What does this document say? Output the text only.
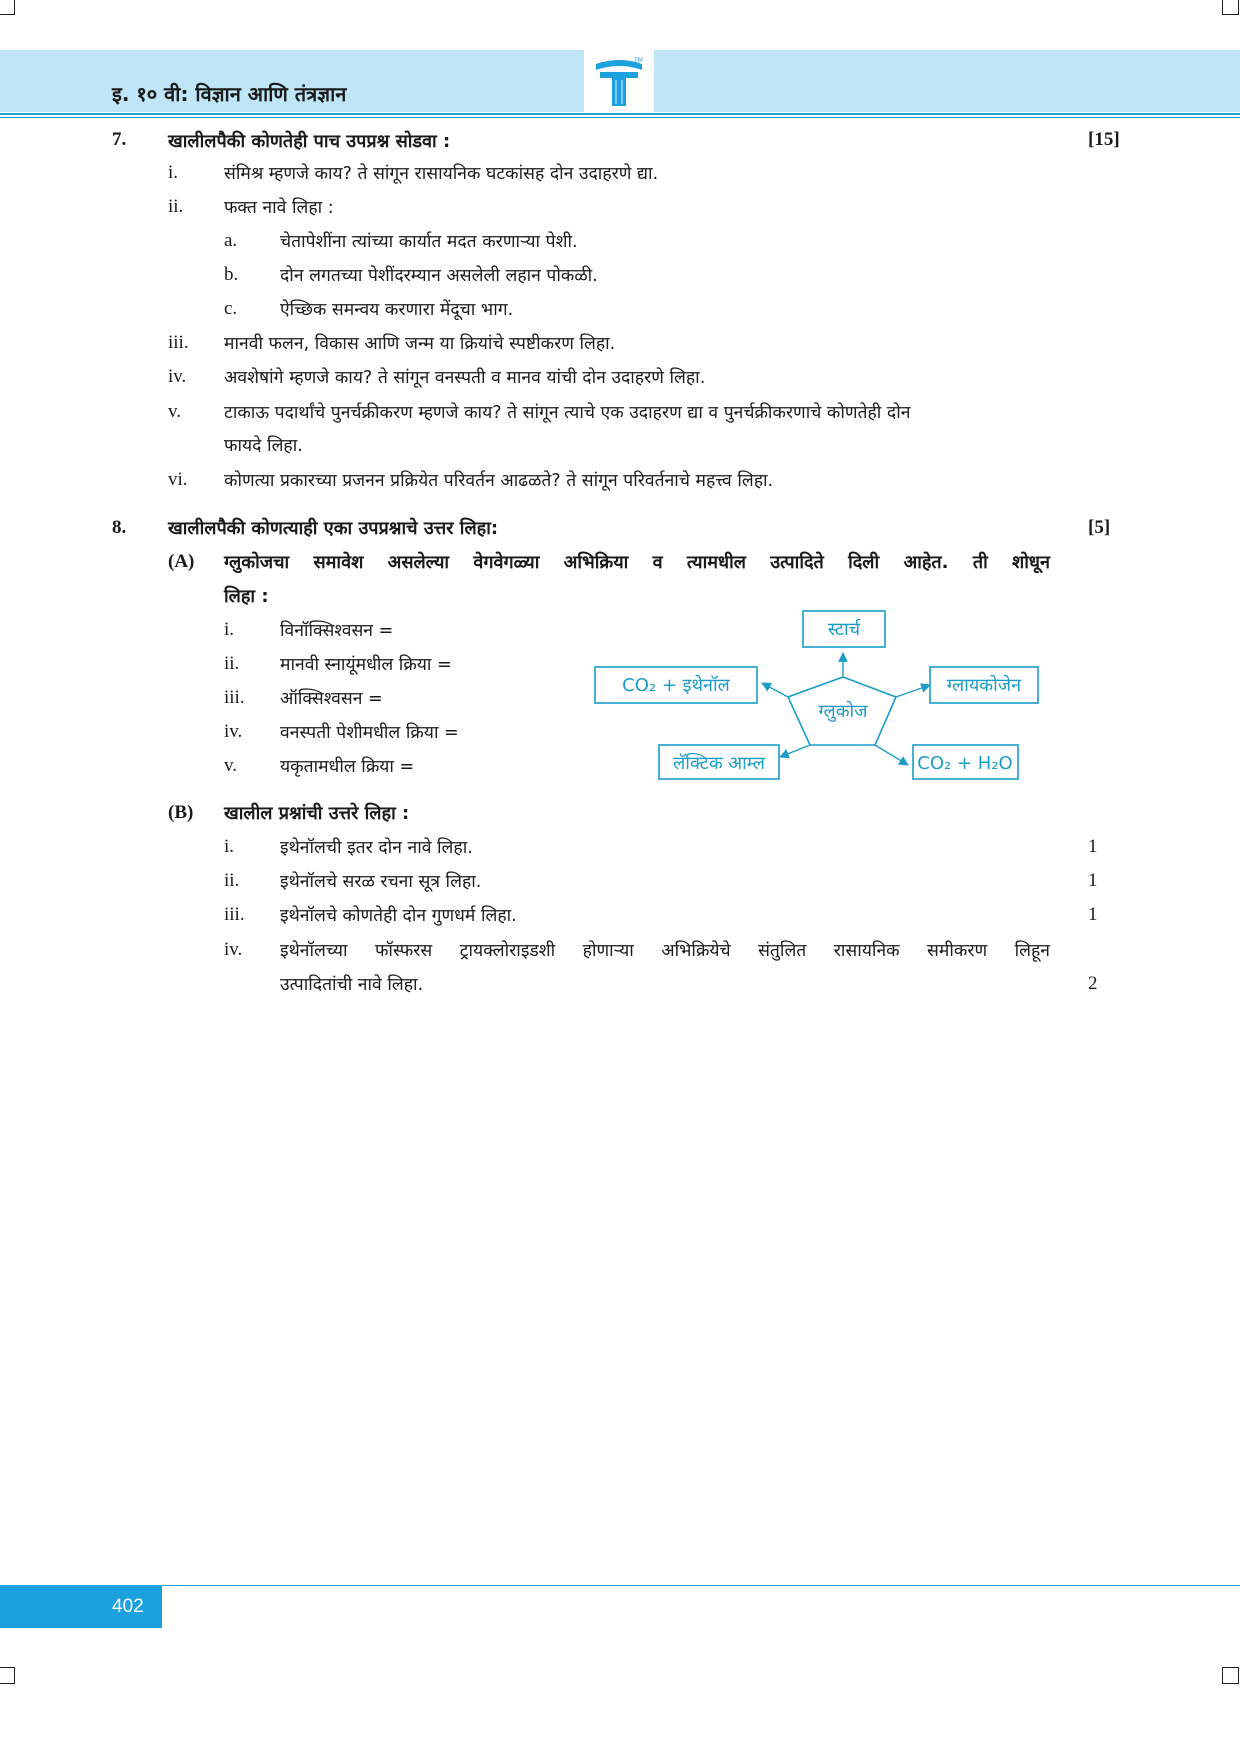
इ. १० वी: विज्ञान आणि तंत्रज्ञान
TM
7. खालीलपैकी कोणतेही पाच उपप्रश्न सोडवा :	[15]
i.	संमिश्र म्हणजे काय? ते सांगून रासायनिक घटकांसह दोन उदाहरणे द्या.
ii. फक्त नावे लिहा :
a. चेतापेशींना त्यांच्या कार्यात मदत करणाऱ्या पेशी.
b. दोन लगतच्या पेशींदरम्यान असलेली लहान पोकळी.
c. ऐच्छिक समन्वय करणारा मेंदूचा भाग.
iii. मानवी फलन, विकास आणि जन्म या क्रियांचे स्पष्टीकरण लिहा.
iv. अवशेषांगे म्हणजे काय? ते सांगून वनस्पती व मानव यांची दोन उदाहरणे लिहा.
v. टाकाऊ पदार्थांचे पुनर्चक्रीकरण म्हणजे काय? ते सांगून त्याचे एक उदाहरण द्या व पुनर्चक्रीकरणाचे कोणतेही दोन
फायदे लिहा.
vi. कोणत्या प्रकारच्या प्रजनन प्रक्रियेत परिवर्तन आढळते? ते सांगून परिवर्तनाचे महत्त्व लिहा.
8. खालीलपैकी कोणत्याही एका उपप्रश्नाचे उत्तर लिहा:	[5]
(A) ग्लुकोजचा समावेश असलेल्या वेगवेगळ्या अभिक्रिया व त्यामधील उत्पादिते दिली आहेत. ती शोधून
लिहा :
i.	विनॉक्सिश्वसन =
ii. मानवी स्नायूंमधील क्रिया =
iii. ऑक्सिश्वसन =
iv. वनस्पती पेशीमधील क्रिया =
v. यकृतामधील क्रिया =
ग्लुकोज
स्टार्च
CO₂ + इथेनॉल	ग्लायकोजेन
लॅक्टिक आम्ल	CO₂ + H₂O
(B) खालील प्रश्नांची उत्तरे लिहा :
i.	इथेनॉलची इतर दोन नावे लिहा.	1
ii. इथेनॉलचे सरळ रचना सूत्र लिहा.	1
iii. इथेनॉलचे कोणतेही दोन गुणधर्म लिहा.	1
iv. इथेनॉलच्या फॉस्फरस ट्रायक्लोराइडशी होणाऱ्या अभिक्रियेचे संतुलित रासायनिक समीकरण लिहून
उत्पादितांची नावे लिहा.	2
402
